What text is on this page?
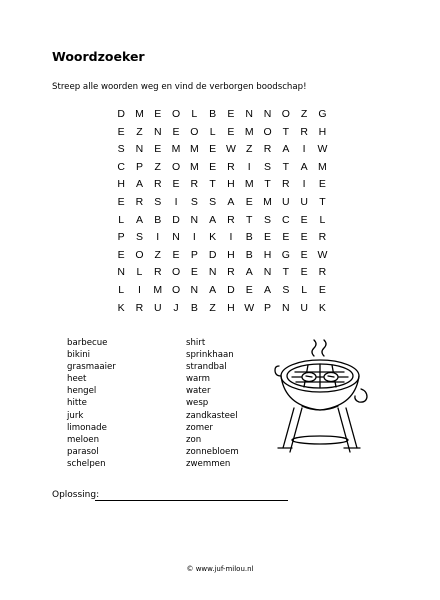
Woordzoeker
Streep alle woorden weg en vind de verborgen boodschap!
D M E O L B E N N O Z G
E Z N E O L E M O T R H
S N E M M E W Z R A I W
C P Z O M E R I S T A M
H A R E R T H M T R I E
E R S I S S A E M U U T
L A B D N A R T S C E L
P S I N I K I B E E E R
E O Z E P D H B H G E W
N L R O E N R A N T E R
L I M O N A D E A S L E
K R U J B Z H W P N U K
barbecue
bikini
grasmaaier
heet
hengel
hitte
jurk
limonade
meloen
parasol
schelpen
shirt
sprinkhaan
strandbal
warm
water
wesp
zandkasteel
zomer
zon
zonnebloem
zwemmen
Oplossing:
© www.juf-milou.nl
